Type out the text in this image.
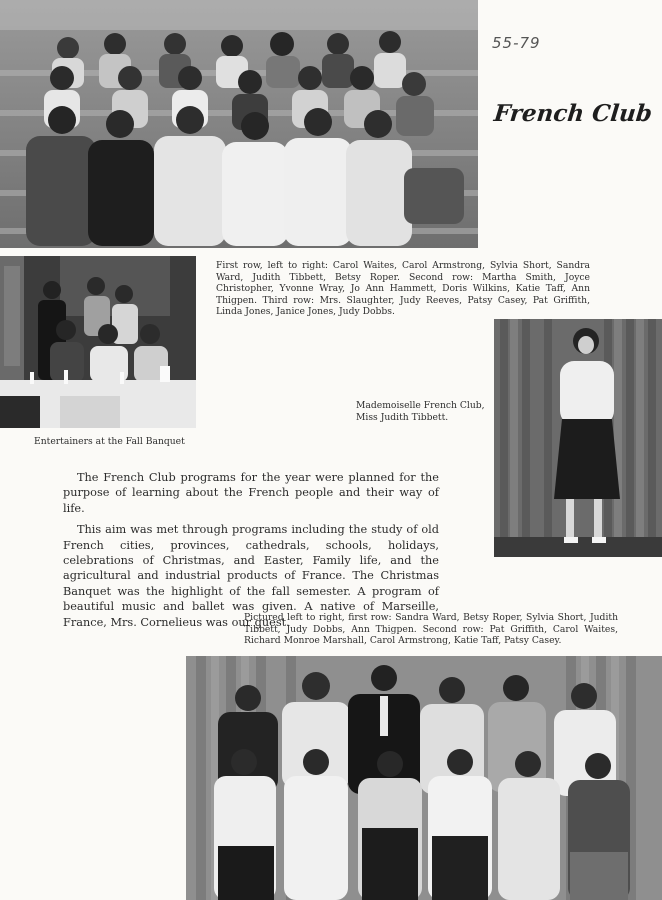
55-79
French Club

First row, left to right: Carol Waites, Carol Armstrong, Sylvia Short, Sandra Ward, Judith Tibbett, Betsy Roper. Second row: Martha Smith, Joyce Christopher, Yvonne Wray, Jo Ann Hammett, Doris Wilkins, Katie Taff, Ann Thigpen. Third row: Mrs. Slaughter, Judy Reeves, Patsy Casey, Pat Griffith, Linda Jones, Janice Jones, Judy Dobbs.

Entertainers at the Fall Banquet
Mademoiselle French Club,
Miss Judith Tibbett.

The French Club programs for the year were planned for the purpose of learning about the French people and their way of life.

This aim was met through programs including the study of old French cities, provinces, cathedrals, schools, holidays, celebrations of Christmas, and Easter, Family life, and the agricultural and industrial products of France. The Christmas Banquet was the highlight of the fall semester. A program of beautiful music and ballet was given. A native of Marseille, France, Mrs. Cornelieus was our guest.

Pictured left to right, first row: Sandra Ward, Betsy Roper, Sylvia Short, Judith Tibbett, Judy Dobbs, Ann Thigpen. Second row: Pat Griffith, Carol Waites, Richard Monroe Marshall, Carol Armstrong, Katie Taff, Patsy Casey.
